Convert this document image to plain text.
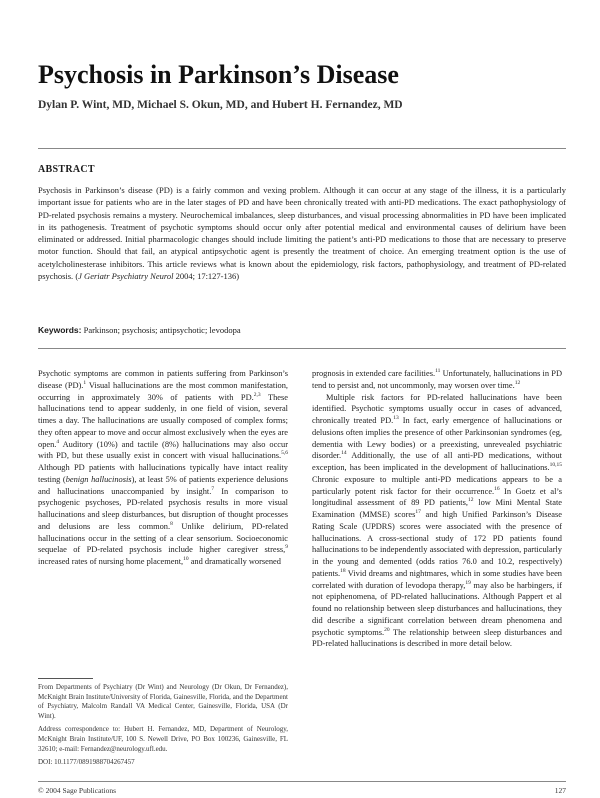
Psychosis in Parkinson’s Disease
Dylan P. Wint, MD, Michael S. Okun, MD, and Hubert H. Fernandez, MD
ABSTRACT
Psychosis in Parkinson’s disease (PD) is a fairly common and vexing problem. Although it can occur at any stage of the illness, it is a particularly important issue for patients who are in the later stages of PD and have been chronically treated with anti-PD medications. The exact pathophysiology of PD-related psychosis remains a mystery. Neurochemical imbalances, sleep disturbances, and visual processing abnormalities in PD have been implicated in its pathogenesis. Treatment of psychotic symptoms should occur only after potential medical and environmental causes of delirium have been eliminated or addressed. Initial pharmacologic changes should include limiting the patient’s anti-PD medications to those that are necessary to preserve motor function. Should that fail, an atypical antipsychotic agent is presently the treatment of choice. An emerging treatment option is the use of acetylcholinesterase inhibitors. This article reviews what is known about the epidemiology, risk factors, pathophysiology, and treatment of PD-related psychosis. (J Geriatr Psychiatry Neurol 2004; 17:127-136)
Keywords: Parkinson; psychosis; antipsychotic; levodopa

Psychotic symptoms are common in patients suffering from Parkinson’s disease (PD).$^1$ Visual hallucinations are the most common manifestation, occurring in approximately 30% of patients with PD.$^{2,3}$ These hallucinations tend to appear suddenly, in one field of vision, several times a day. The hallucinations are usually composed of complex forms; they often appear to move and occur almost exclusively when the eyes are open.$^4$ Auditory (10%) and tactile (8%) hallucinations may also occur with PD, but these usually exist in concert with visual hallucinations.$^{5,6}$ Although PD patients with hallucinations typically have intact reality testing (benign hallucinosis), at least 5% of patients experience delusions and hallucinations unaccompanied by insight.$^7$ In comparison to psychogenic psychoses, PD-related psychosis results in more visual hallucinations and sleep disturbances, but disruption of thought processes and delusions are less common.$^8$ Unlike delirium, PD-related hallucinations occur in the setting of a clear sensorium. Socioeconomic sequelae of PD-related psychosis include higher caregiver stress,$^9$ increased rates of nursing home placement,$^{10}$ and dramatically worsened

prognosis in extended care facilities.$^{11}$ Unfortunately, hallucinations in PD tend to persist and, not uncommonly, may worsen over time.$^{12}$

Multiple risk factors for PD-related hallucinations have been identified. Psychotic symptoms usually occur in cases of advanced, chronically treated PD.$^{13}$ In fact, early emergence of hallucinations or delusions often implies the presence of other Parkinsonian syndromes (eg, dementia with Lewy bodies) or a preexisting, unrevealed psychiatric disorder.$^{14}$ Additionally, the use of all anti-PD medications, without exception, has been implicated in the development of hallucinations.$^{10,15}$ Chronic exposure to multiple anti-PD medications appears to be a particularly potent risk factor for their occurrence.$^{16}$ In Goetz et al’s longitudinal assessment of 89 PD patients,$^{12}$ low Mini Mental State Examination (MMSE) scores$^{17}$ and high Unified Parkinson’s Disease Rating Scale (UPDRS) scores were associated with the presence of hallucinations. A cross-sectional study of 172 PD patients found hallucinations to be independently associated with depression, particularly in the young and demented (odds ratios 76.0 and 10.2, respectively) patients.$^{18}$ Vivid dreams and nightmares, which in some studies have been correlated with duration of levodopa therapy,$^{19}$ may also be harbingers, if not epiphenomena, of PD-related hallucinations. Although Pappert et al found no relationship between sleep disturbances and hallucinations, they did describe a significant correlation between dream phenomena and psychotic symptoms.$^{20}$ The relationship between sleep disturbances and PD-related hallucinations is described in more detail below.

From Departments of Psychiatry (Dr Wint) and Neurology (Dr Okun, Dr Fernandez), McKnight Brain Institute/University of Florida, Gainesville, Florida, and the Department of Psychiatry, Malcolm Randall VA Medical Center, Gainesville, Florida, USA (Dr Wint).

Address correspondence to: Hubert H. Fernandez, MD, Department of Neurology, McKnight Brain Institute/UF, 100 S. Newell Drive, PO Box 100236, Gainesville, FL 32610; e-mail: Fernandez@neurology.ufl.edu.

DOI: 10.1177/0891988704267457

© 2004 Sage Publications	127
